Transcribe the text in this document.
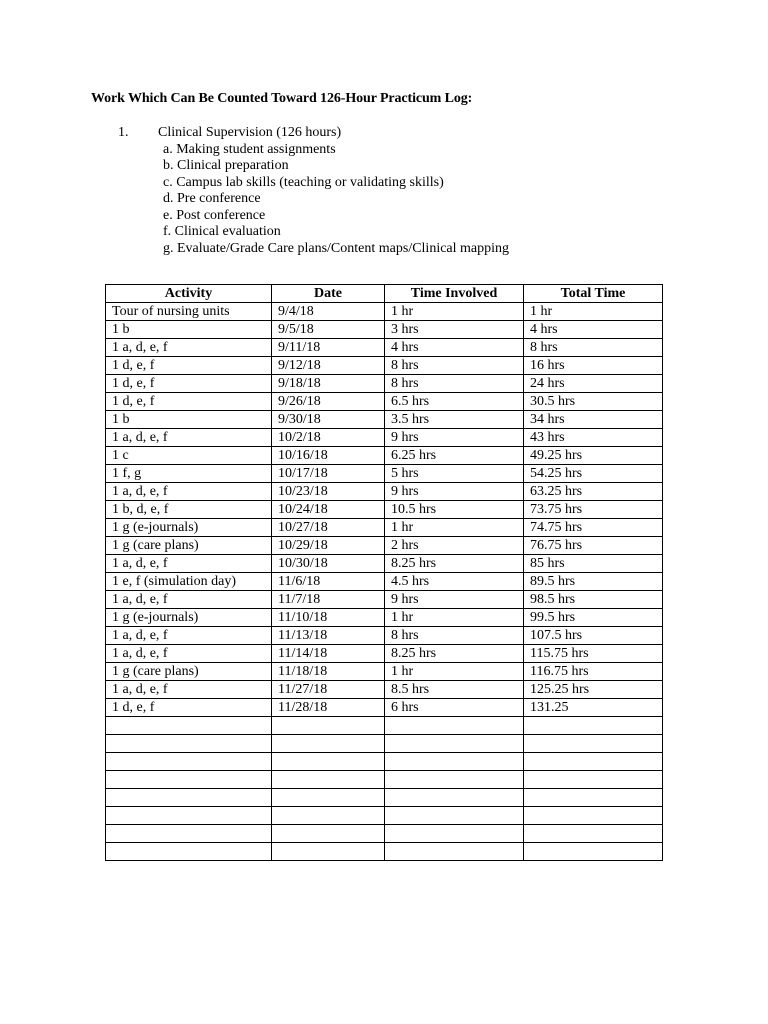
Work Which Can Be Counted Toward 126-Hour Practicum Log:
1. Clinical Supervision (126 hours)
a. Making student assignments
b. Clinical preparation
c. Campus lab skills (teaching or validating skills)
d. Pre conference
e. Post conference
f. Clinical evaluation
g. Evaluate/Grade Care plans/Content maps/Clinical mapping
Activity	Date	Time Involved	Total Time
Tour of nursing units	9/4/18	1 hr	1 hr
1 b	9/5/18	3 hrs	4 hrs
1 a, d, e, f	9/11/18	4 hrs	8 hrs
1 d, e, f	9/12/18	8 hrs	16 hrs
1 d, e, f	9/18/18	8 hrs	24 hrs
1 d, e, f	9/26/18	6.5 hrs	30.5 hrs
1 b	9/30/18	3.5 hrs	34 hrs
1 a, d, e, f	10/2/18	9 hrs	43 hrs
1 c	10/16/18	6.25 hrs	49.25 hrs
1 f, g	10/17/18	5 hrs	54.25 hrs
1 a, d, e, f	10/23/18	9 hrs	63.25 hrs
1 b, d, e, f	10/24/18	10.5 hrs	73.75 hrs
1 g (e-journals)	10/27/18	1 hr	74.75 hrs
1 g (care plans)	10/29/18	2 hrs	76.75 hrs
1 a, d, e, f	10/30/18	8.25 hrs	85 hrs
1 e, f (simulation day)	11/6/18	4.5 hrs	89.5 hrs
1 a, d, e, f	11/7/18	9 hrs	98.5 hrs
1 g (e-journals)	11/10/18	1 hr	99.5 hrs
1 a, d, e, f	11/13/18	8 hrs	107.5 hrs
1 a, d, e, f	11/14/18	8.25 hrs	115.75 hrs
1 g (care plans)	11/18/18	1 hr	116.75 hrs
1 a, d, e, f	11/27/18	8.5 hrs	125.25 hrs
1 d, e, f	11/28/18	6 hrs	131.25
